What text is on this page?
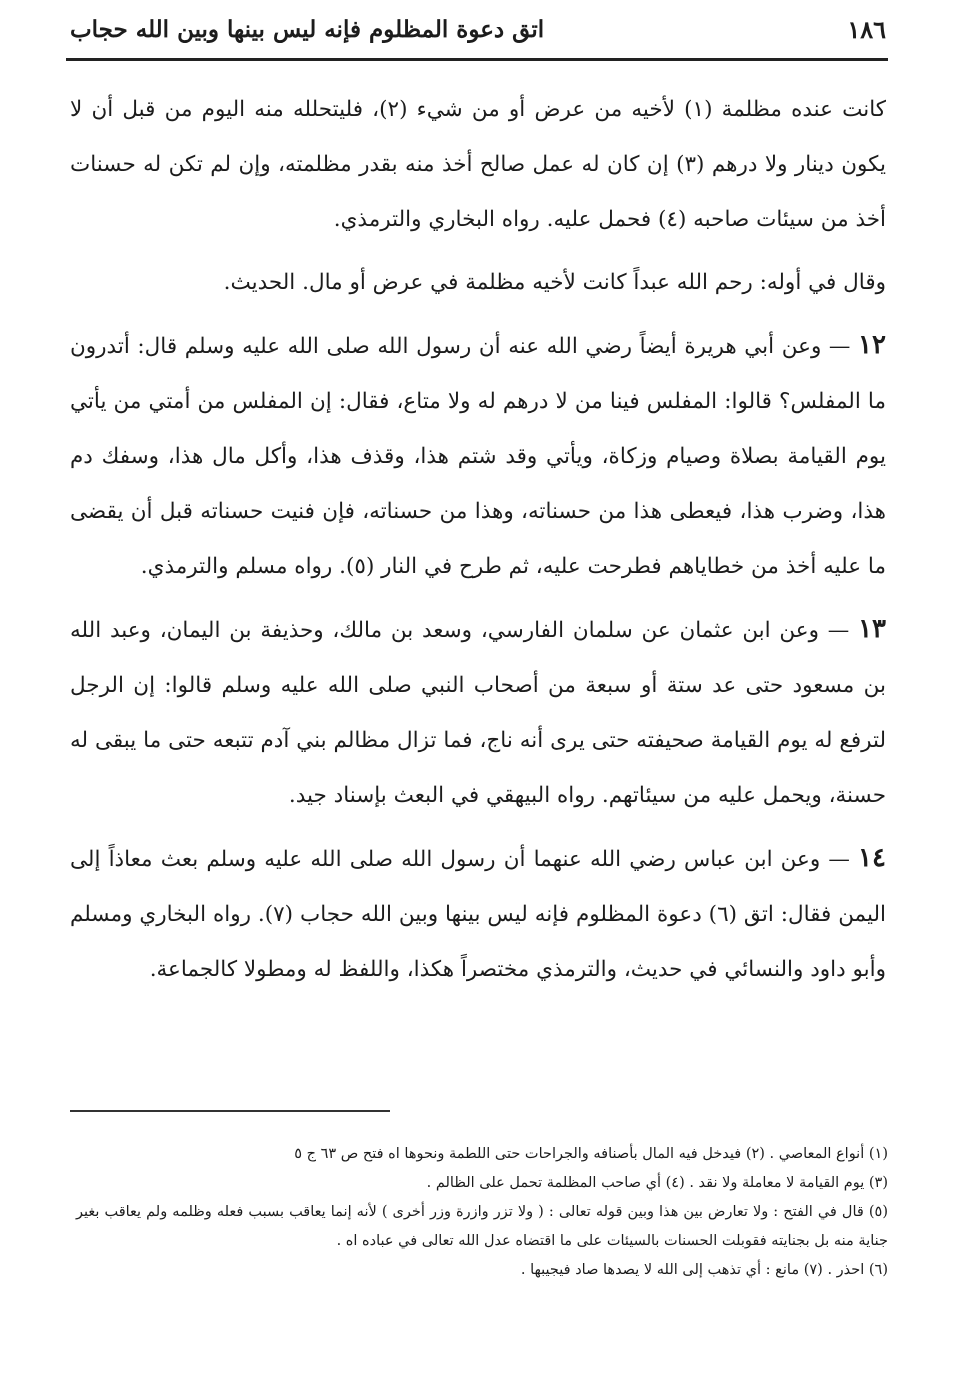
١٨٦
اتق دعوة المظلوم فإنه ليس بينها وبين الله حجاب

كانت عنده مظلمة (١) لأخيه من عرض أو من شيء (٢)، فليتحلله منه اليوم من قبل أن لا يكون دينار ولا درهم (٣) إن كان له عمل صالح أخذ منه بقدر مظلمته، وإن لم تكن له حسنات أخذ من سيئات صاحبه (٤) فحمل عليه. رواه البخاري والترمذي.

وقال في أوله: رحم الله عبداً كانت لأخيه مظلمة في عرض أو مال. الحديث.

١٢ — وعن أبي هريرة أيضاً رضي الله عنه أن رسول الله صلى الله عليه وسلم قال: أتدرون ما المفلس؟ قالوا: المفلس فينا من لا درهم له ولا متاع، فقال: إن المفلس من أمتي من يأتي يوم القيامة بصلاة وصيام وزكاة، ويأتي وقد شتم هذا، وقذف هذا، وأكل مال هذا، وسفك دم هذا، وضرب هذا، فيعطى هذا من حسناته، وهذا من حسناته، فإن فنيت حسناته قبل أن يقضى ما عليه أخذ من خطاياهم فطرحت عليه، ثم طرح في النار (٥). رواه مسلم والترمذي.

١٣ — وعن ابن عثمان عن سلمان الفارسي، وسعد بن مالك، وحذيفة بن اليمان، وعبد الله بن مسعود حتى عد ستة أو سبعة من أصحاب النبي صلى الله عليه وسلم قالوا: إن الرجل لترفع له يوم القيامة صحيفته حتى يرى أنه ناج، فما تزال مظالم بني آدم تتبعه حتى ما يبقى له حسنة، ويحمل عليه من سيئاتهم. رواه البيهقي في البعث بإسناد جيد.

١٤ — وعن ابن عباس رضي الله عنهما أن رسول الله صلى الله عليه وسلم بعث معاذاً إلى اليمن فقال: اتق (٦) دعوة المظلوم فإنه ليس بينها وبين الله حجاب (٧). رواه البخاري ومسلم وأبو داود والنسائي في حديث، والترمذي مختصراً هكذا، واللفظ له ومطولا كالجماعة.

(١) أنواع المعاصي . (٢) فيدخل فيه المال بأصنافه والجراحات حتى اللطمة ونحوها اه فتح ص ٦٣ ج ٥

(٣) يوم القيامة لا معاملة ولا نقد . (٤) أي صاحب المظلمة تحمل على الظالم .

(٥) قال في الفتح : ولا تعارض بين هذا وبين قوله تعالى : ( ولا تزر وازرة وزر أخرى ) لأنه إنما يعاقب بسبب فعله وظلمه ولم يعاقب بغير جناية منه بل بجنايته فقوبلت الحسنات بالسيئات على ما اقتضاه عدل الله تعالى في عباده اه .

(٦) احذر . (٧) مانع : أي تذهب إلى الله لا يصدها صاد فيجيبها .
